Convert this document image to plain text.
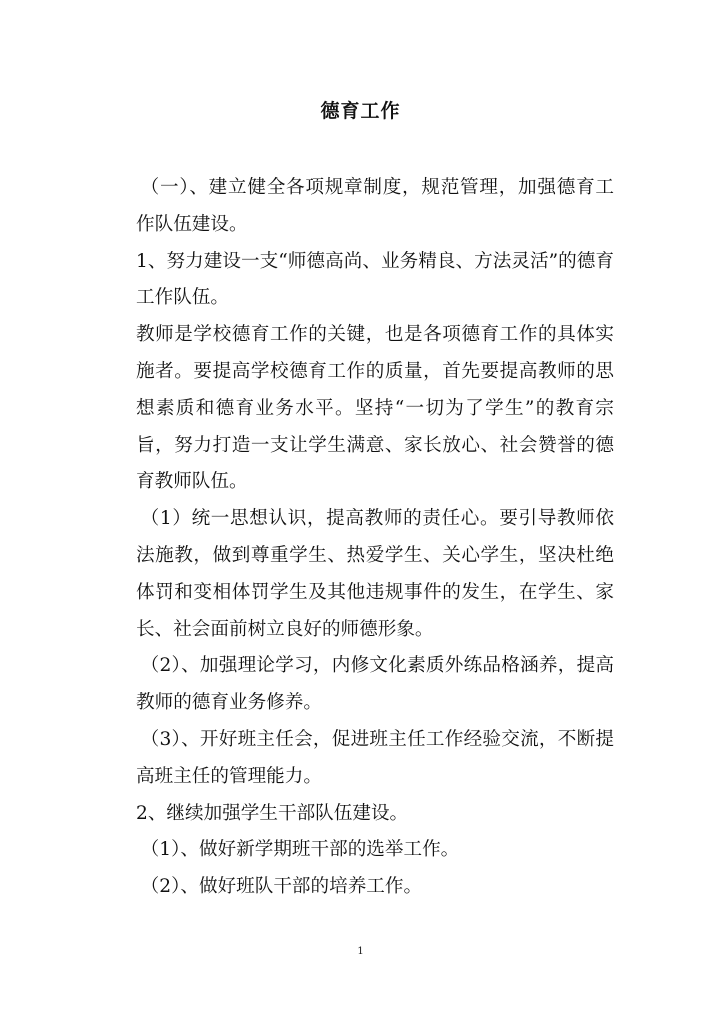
德育工作

（一）、建立健全各项规章制度，规范管理，加强德育工作队伍建设。

1、努力建设一支“师德高尚、业务精良、方法灵活”的德育工作队伍。

教师是学校德育工作的关键，也是各项德育工作的具体实施者。要提高学校德育工作的质量，首先要提高教师的思想素质和德育业务水平。坚持“一切为了学生”的教育宗旨，努力打造一支让学生满意、家长放心、社会赞誉的德育教师队伍。

（1）统一思想认识，提高教师的责任心。要引导教师依法施教，做到尊重学生、热爱学生、关心学生，坚决杜绝体罚和变相体罚学生及其他违规事件的发生，在学生、家长、社会面前树立良好的师德形象。

（2）、加强理论学习，内修文化素质外练品格涵养，提高教师的德育业务修养。

（3）、开好班主任会，促进班主任工作经验交流，不断提高班主任的管理能力。

2、继续加强学生干部队伍建设。

（1）、做好新学期班干部的选举工作。

（2）、做好班队干部的培养工作。

1
